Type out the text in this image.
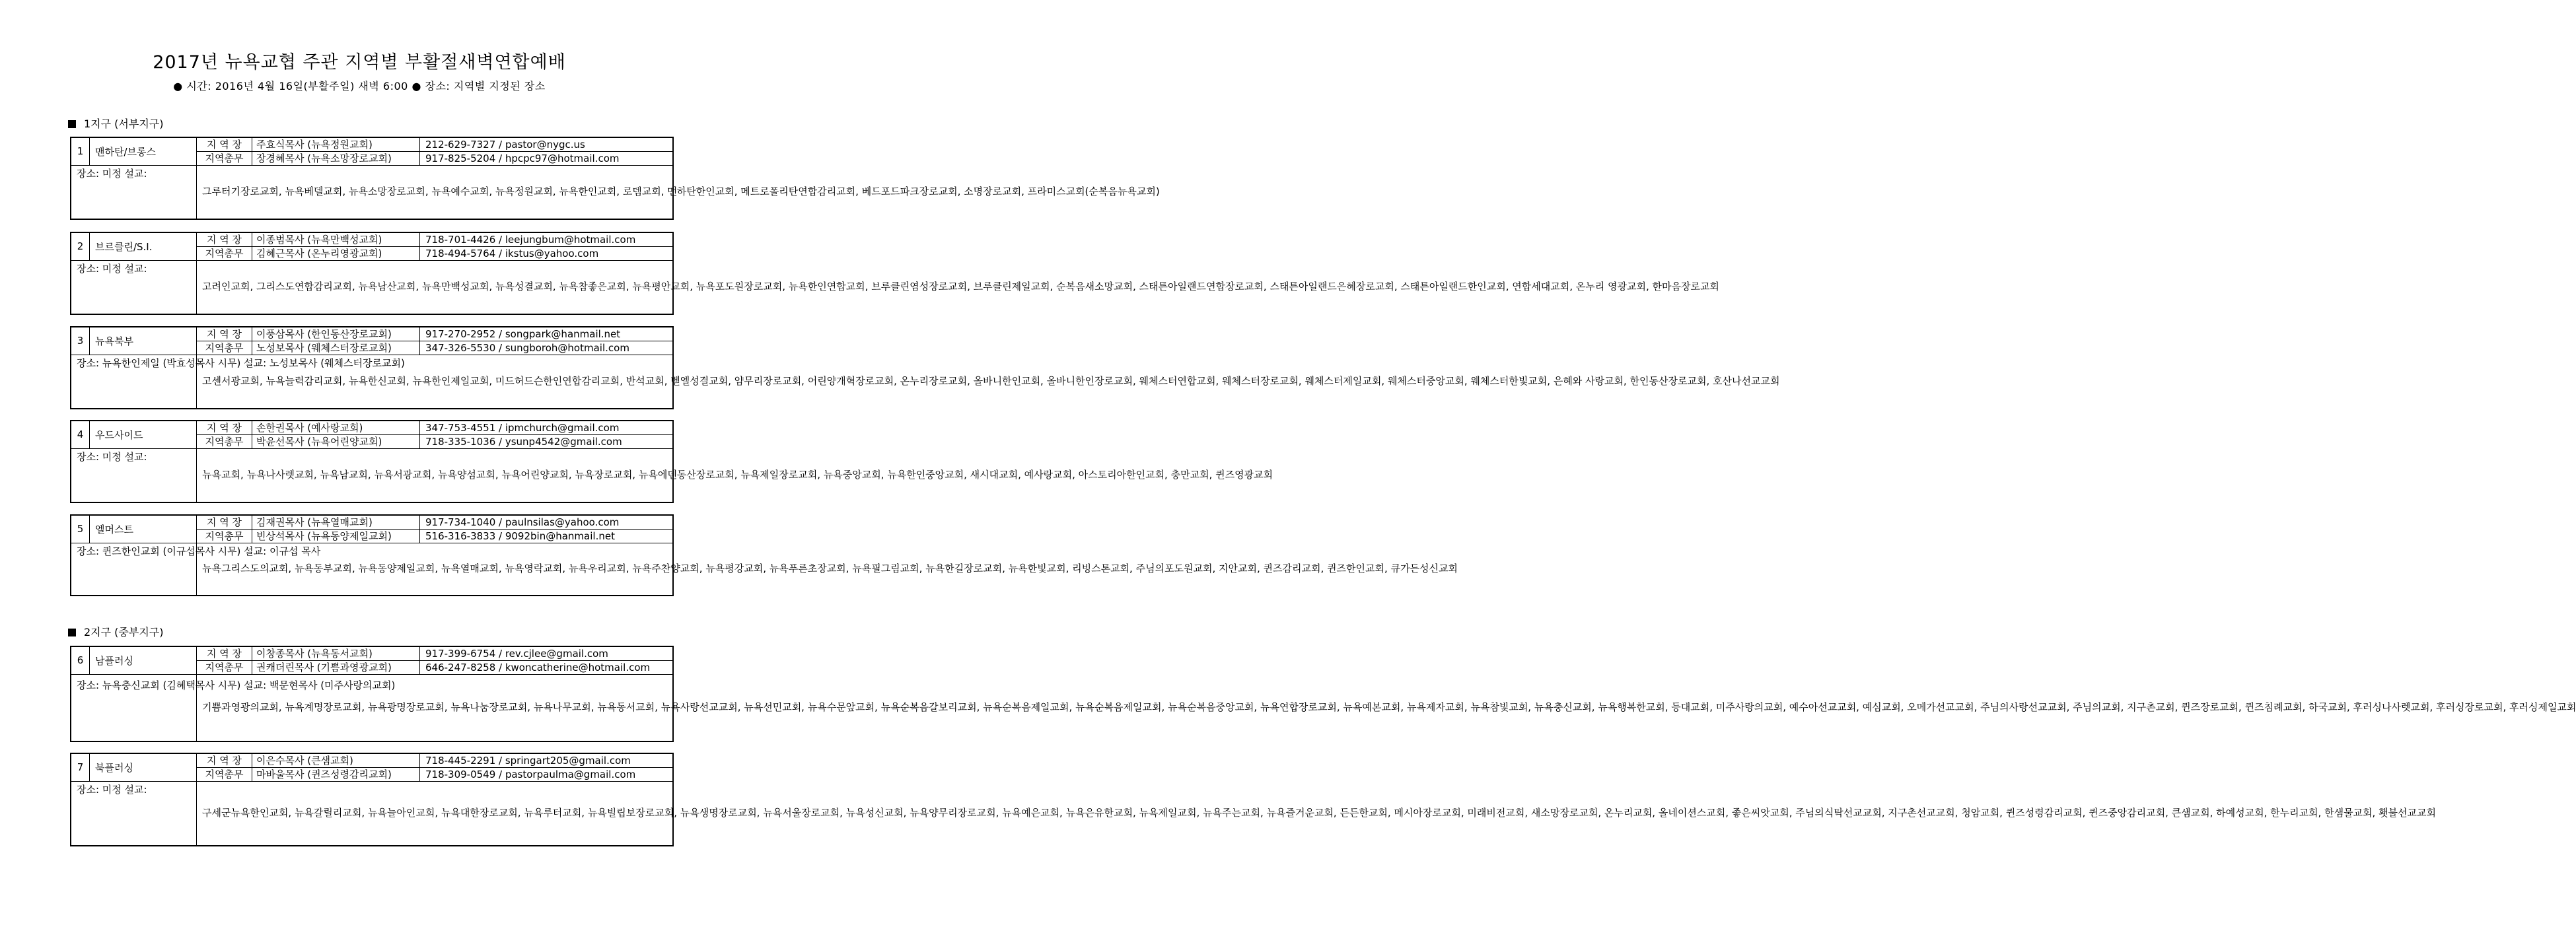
2017년 뉴욕교협 주관 지역별 부활절새벽연합예배
● 시간: 2016년 4월 16일(부활주일) 새벽 6:00 ● 장소: 지역별 지정된 장소
1지구 (서부지구)
2지구 (중부지구)
1	맨하탄/브롱스	지 역 장	주효식목사 (뉴욕정원교회)	212-629-7327 / pastor@nygc.us
		지역총무	장경혜목사 (뉴욕소망장로교회)	917-825-5204 / hpcpc97@hotmail.com
장소: 미정 설교:		그루터기장로교회, 뉴욕베델교회, 뉴욕소망장로교회, 뉴욕예수교회, 뉴욕정원교회, 뉴욕한인교회, 로뎀교회, 맨하탄한인교회, 메트로폴리탄연합감리교회, 베드포드파크장로교회, 소명장로교회, 프라미스교회(순복음뉴욕교회)		
2	브르클린/S.I.	지 역 장	이종범목사 (뉴욕만백성교회)	718-701-4426 / leejungbum@hotmail.com
		지역총무	김혜근목사 (온누리영광교회)	718-494-5764 / ikstus@yahoo.com
장소: 미정 설교:		고려인교회, 그리스도연합감리교회, 뉴욕남산교회, 뉴욕만백성교회, 뉴욕성결교회, 뉴욕참좋은교회, 뉴욕평안교회, 뉴욕포도원장로교회, 뉴욕한인연합교회, 브루클린염성장로교회, 브루클린제일교회, 순복음새소망교회, 스태튼아일랜드연합장로교회, 스태튼아일랜드은혜장로교회, 스태튼아일랜드한인교회, 연합세대교회, 온누리 영광교회, 한마음장로교회		
3	뉴욕북부	지 역 장	이풍삼목사 (한인동산장로교회)	917-270-2952 / songpark@hanmail.net
		지역총무	노성보목사 (웨체스터장로교회)	347-326-5530 / sungboroh@hotmail.com
장소: 뉴욕한인제일 (박효성목사 시무) 설교: 노성보목사 (웨체스터장로교회)		고센서광교회, 뉴욕늘력감리교회, 뉴욕한신교회, 뉴욕한인제일교회, 미드허드슨한인연합감리교회, 반석교회, 벧엘성결교회, 얌무리장로교회, 어린양개혁장로교회, 온누리장로교회, 올바니한인교회, 올바니한인장로교회, 웨체스터연합교회, 웨체스터장로교회, 웨체스터제일교회, 웨체스터중앙교회, 웨체스터한빛교회, 은혜와 사랑교회, 한인동산장로교회, 호산나선교교회		
4	우드사이드	지 역 장	손한권목사 (예사랑교회)	347-753-4551 / ipmchurch@gmail.com
		지역총무	박윤선목사 (뉴욕어린양교회)	718-335-1036 / ysunp4542@gmail.com
장소: 미정 설교:		뉴욕교회, 뉴욕나사렛교회, 뉴욕남교회, 뉴욕서광교회, 뉴욕양섬교회, 뉴욕어린양교회, 뉴욕장로교회, 뉴욕에덴동산장로교회, 뉴욕제일장로교회, 뉴욕중앙교회, 뉴욕한인중앙교회, 새시대교회, 예사랑교회, 아스토리아한인교회, 충만교회, 퀸즈영광교회		
5	엘머스트	지 역 장	김재권목사 (뉴욕열매교회)	917-734-1040 / paulnsilas@yahoo.com
		지역총무	빈상석목사 (뉴욕동양제일교회)	516-316-3833 / 9092bin@hanmail.net
장소: 퀸즈한인교회 (이규섭목사 시무) 설교: 이규섭 목사		뉴욕그리스도의교회, 뉴욕동부교회, 뉴욕동양제일교회, 뉴욕열매교회, 뉴욕영락교회, 뉴욕우리교회, 뉴욕주찬양교회, 뉴욕평강교회, 뉴욕푸른초장교회, 뉴욕필그림교회, 뉴욕한길장로교회, 뉴욕한빛교회, 리빙스톤교회, 주님의포도원교회, 지안교회, 퀸즈감리교회, 퀸즈한인교회, 큐가든성신교회		
6	남플러싱	지 역 장	이창종목사 (뉴욕동서교회)	917-399-6754 / rev.cjlee@gmail.com
		지역총무	권캐더린목사 (기쁨과영광교회)	646-247-8258 / kwoncatherine@hotmail.com
장소: 뉴욕충신교회 (김혜택목사 시무) 설교: 백문현목사 (미주사랑의교회)		기쁨과영광의교회, 뉴욕계명장로교회, 뉴욕광명장로교회, 뉴욕나눔장로교회, 뉴욕나무교회, 뉴욕동서교회, 뉴욕사랑선교교회, 뉴욕선민교회, 뉴욕수문앞교회, 뉴욕순복음갈보리교회, 뉴욕순복음제일교회, 뉴욕순복음제일교회, 뉴욕순복음중앙교회, 뉴욕연합장로교회, 뉴욕예본교회, 뉴욕제자교회, 뉴욕참빛교회, 뉴욕충신교회, 뉴욕행복한교회, 등대교회, 미주사랑의교회, 예수아선교교회, 예심교회, 오메가선교교회, 주님의사랑선교교회, 주님의교회, 지구촌교회, 퀸즈장로교회, 퀸즈침례교회, 하국교회, 후러싱나사렛교회, 후러싱장로교회, 후러싱제일교회		
7	북플러싱	지 역 장	이은수목사 (큰샘교회)	718-445-2291 / springart205@gmail.com
		지역총무	마바울목사 (퀸즈성령감리교회)	718-309-0549 / pastorpaulma@gmail.com
장소: 미정 설교:		구세군뉴욕한인교회, 뉴욕갈릴리교회, 뉴욕늘아인교회, 뉴욕대한장로교회, 뉴욕루터교회, 뉴욕빌립보장로교회, 뉴욕생명장로교회, 뉴욕서울장로교회, 뉴욕성신교회, 뉴욕양무리장로교회, 뉴욕예은교회, 뉴욕은유한교회, 뉴욕제일교회, 뉴욕주는교회, 뉴욕즐거운교회, 든든한교회, 메시아장로교회, 미래비전교회, 새소망장로교회, 온누리교회, 올네이션스교회, 좋은씨앗교회, 주님의식탁선교교회, 지구촌선교교회, 청암교회, 퀸즈성령감리교회, 퀸즈중앙감리교회, 큰샘교회, 하예성교회, 한누리교회, 한샘물교회, 횃불선교교회		
